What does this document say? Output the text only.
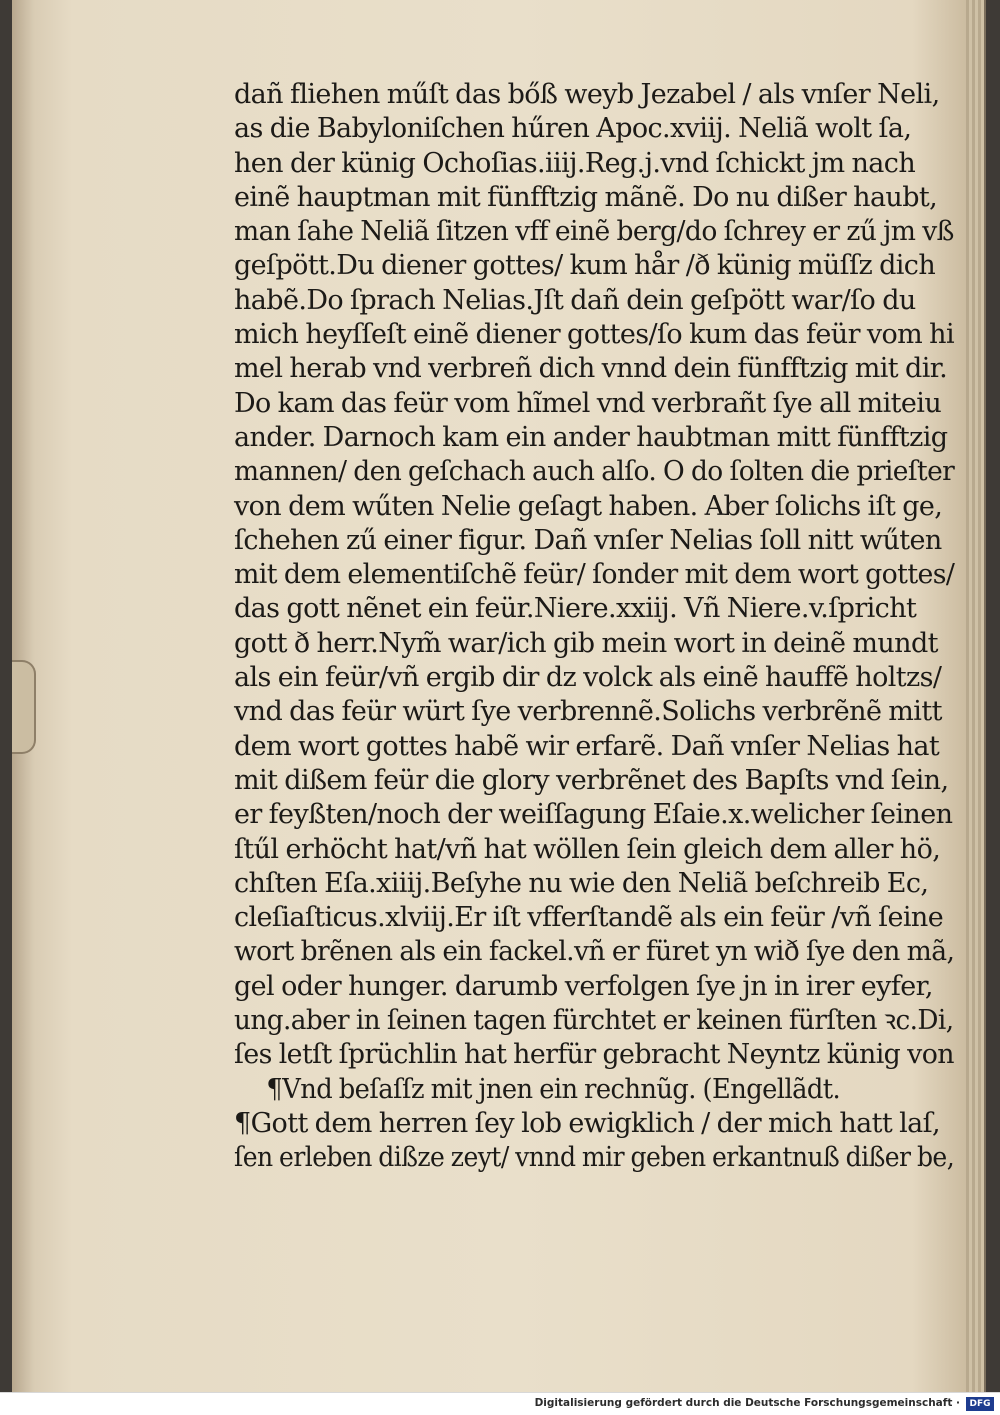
dañ fliehen műſt das bőß weyb Jezabel / als vnſer Neli,
as die Babyloniſchen hűren Apoc.xviij. Neliã wolt ſa,
hen der künig Ochoſias.iiij.Reg.j.vnd ſchickt jm nach
einẽ hauptman mit fünfftzig mãnẽ. Do nu dißer haubt,
man ſahe Neliã ſitzen vff einẽ berg/do ſchrey er zű jm vß
geſpött.Du diener gottes/ kum hår /ð künig müſſz dich
habẽ.Do ſprach Nelias.Jſt dañ dein geſpött war/ſo du
mich heyſſeſt einẽ diener gottes/ſo kum das feür vom hi
mel herab vnd verbreñ dich vnnd dein fünfftzig mit dir.
Do kam das feür vom hĩmel vnd verbrañt ſye all miteiu
ander. Darnoch kam ein ander haubtman mitt fünfftzig
mannen/ den geſchach auch alſo. O do ſolten die prieſter
von dem wűten Nelie geſagt haben. Aber ſolichs iſt ge,
ſchehen zű einer figur. Dañ vnſer Nelias ſoll nitt wűten
mit dem elementiſchẽ feür/ ſonder mit dem wort gottes/
das gott nẽnet ein feür.Niere.xxiij. Vñ Niere.v.ſpricht
gott ð herr.Nym̃ war/ich gib mein wort in deinẽ mundt
als ein feür/vñ ergib dir dz volck als einẽ hauffẽ holtzs/
vnd das feür würt ſye verbrennẽ.Solichs verbrẽnẽ mitt
dem wort gottes habẽ wir erfarẽ. Dañ vnſer Nelias hat
mit dißem feür die glory verbrẽnet des Bapſts vnd ſein,
er feyßten/noch der weiſſagung Eſaie.x.welicher ſeinen
ſtűl erhöcht hat/vñ hat wöllen ſein gleich dem aller hö,
chſten Eſa.xiiij.Beſyhe nu wie den Neliã beſchreib Ec,
cleſiaſticus.xlviij.Er iſt vfferſtandẽ als ein feür /vñ ſeine
wort brẽnen als ein fackel.vñ er füret yn wið ſye den mã,
gel oder hunger. darumb verfolgen ſye jn in irer eyfer,
ung.aber in ſeinen tagen fürchtet er keinen fürſten ꝛc.Di,
ſes letſt ſprüchlin hat herfür gebracht Neyntz künig von
¶Vnd beſaſſz mit jnen ein rechnũg. (Engellãdt.
¶Gott dem herren ſey lob ewigklich / der mich hatt laſ,
ſen erleben dißze zeyt/ vnnd mir geben erkantnuß dißer be,
Digitalisierung gefördert durch die Deutsche Forschungsgemeinschaft ·	DFG
